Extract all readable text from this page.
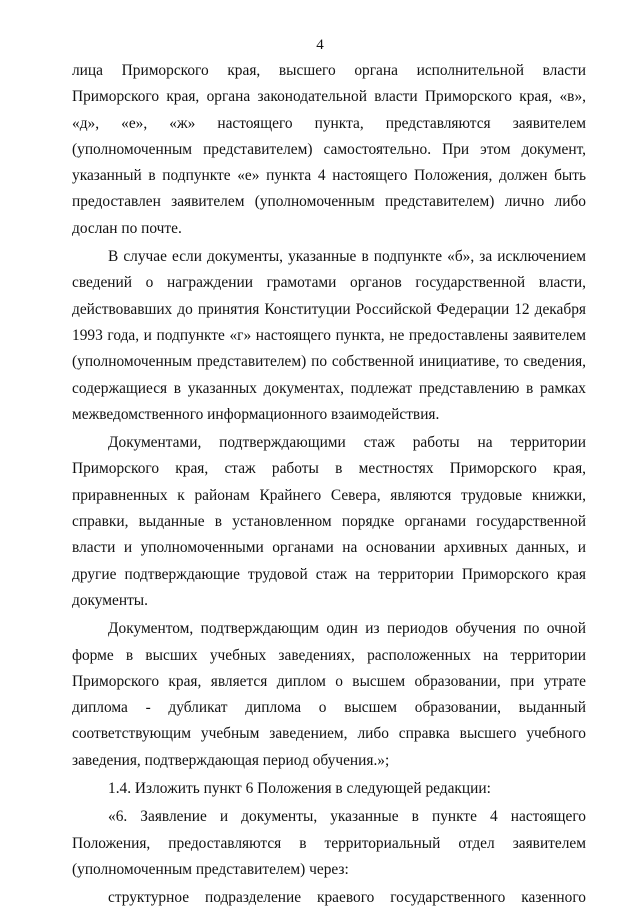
4

лица Приморского края, высшего органа исполнительной власти Приморского края, органа законодательной власти Приморского края, «в», «д», «е», «ж» настоящего пункта, представляются заявителем (уполномоченным представителем) самостоятельно. При этом документ, указанный в подпункте «е» пункта 4 настоящего Положения, должен быть предоставлен заявителем (уполномоченным представителем) лично либо дослан по почте.

В случае если документы, указанные в подпункте «б», за исключением сведений о награждении грамотами органов государственной власти, действовавших до принятия Конституции Российской Федерации 12 декабря 1993 года, и подпункте «г» настоящего пункта, не предоставлены заявителем (уполномоченным представителем) по собственной инициативе, то сведения, содержащиеся в указанных документах, подлежат представлению в рамках межведомственного информационного взаимодействия.

Документами, подтверждающими стаж работы на территории Приморского края, стаж работы в местностях Приморского края, приравненных к районам Крайнего Севера, являются трудовые книжки, справки, выданные в установленном порядке органами государственной власти и уполномоченными органами на основании архивных данных, и другие подтверждающие трудовой стаж на территории Приморского края документы.

Документом, подтверждающим один из периодов обучения по очной форме в высших учебных заведениях, расположенных на территории Приморского края, является диплом о высшем образовании, при утрате диплома - дубликат диплома о высшем образовании, выданный соответствующим учебным заведением, либо справка высшего учебного заведения, подтверждающая период обучения.»;

1.4. Изложить пункт 6 Положения в следующей редакции:

«6. Заявление и документы, указанные в пункте 4 настоящего Положения, предоставляются в территориальный отдел заявителем (уполномоченным представителем) через:

структурное подразделение краевого государственного казенного
